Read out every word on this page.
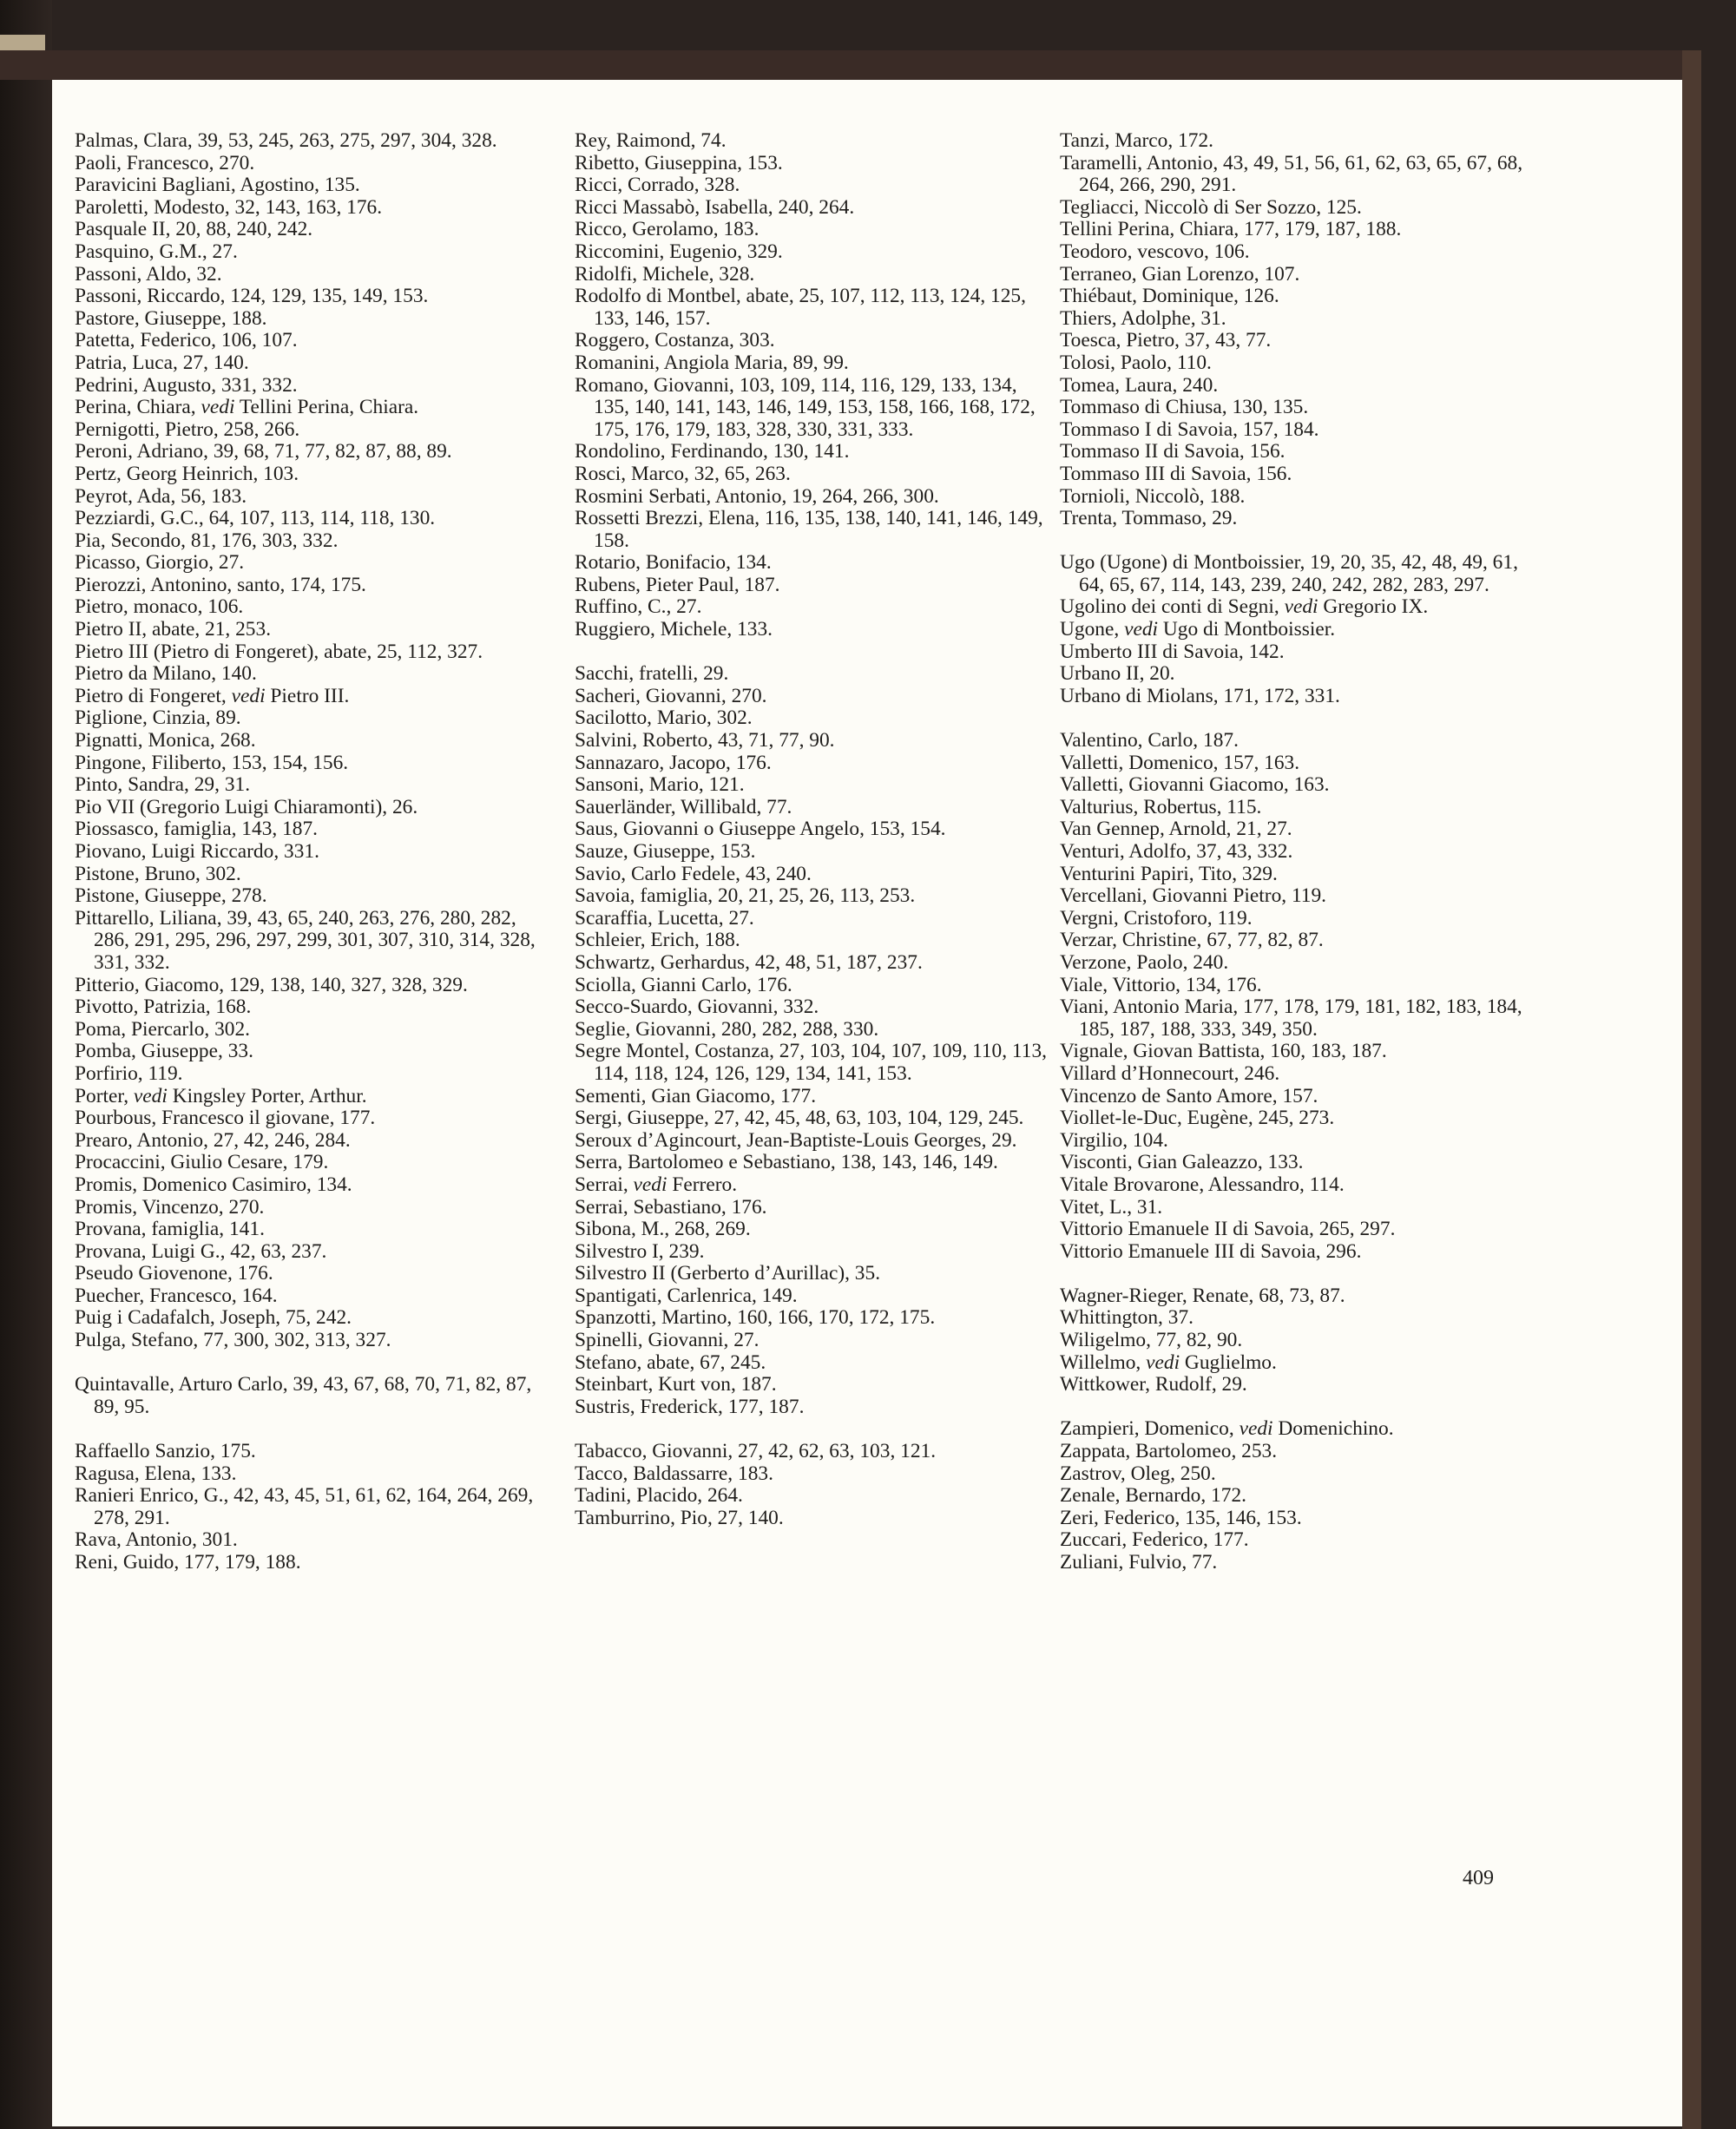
Palmas, Clara, 39, 53, 245, 263, 275, 297, 304, 328.
Paoli, Francesco, 270.
Paravicini Bagliani, Agostino, 135.
Paroletti, Modesto, 32, 143, 163, 176.
Pasquale II, 20, 88, 240, 242.
Pasquino, G.M., 27.
Passoni, Aldo, 32.
Passoni, Riccardo, 124, 129, 135, 149, 153.
Pastore, Giuseppe, 188.
Patetta, Federico, 106, 107.
Patria, Luca, 27, 140.
Pedrini, Augusto, 331, 332.
Perina, Chiara, vedi Tellini Perina, Chiara.
Pernigotti, Pietro, 258, 266.
Peroni, Adriano, 39, 68, 71, 77, 82, 87, 88, 89.
Pertz, Georg Heinrich, 103.
Peyrot, Ada, 56, 183.
Pezziardi, G.C., 64, 107, 113, 114, 118, 130.
Pia, Secondo, 81, 176, 303, 332.
Picasso, Giorgio, 27.
Pierozzi, Antonino, santo, 174, 175.
Pietro, monaco, 106.
Pietro II, abate, 21, 253.
Pietro III (Pietro di Fongeret), abate, 25, 112, 327.
Pietro da Milano, 140.
Pietro di Fongeret, vedi Pietro III.
Piglione, Cinzia, 89.
Pignatti, Monica, 268.
Pingone, Filiberto, 153, 154, 156.
Pinto, Sandra, 29, 31.
Pio VII (Gregorio Luigi Chiaramonti), 26.
Piossasco, famiglia, 143, 187.
Piovano, Luigi Riccardo, 331.
Pistone, Bruno, 302.
Pistone, Giuseppe, 278.
Pittarello, Liliana, 39, 43, 65, 240, 263, 276, 280, 282, 286, 291, 295, 296, 297, 299, 301, 307, 310, 314, 328, 331, 332.
Pitterio, Giacomo, 129, 138, 140, 327, 328, 329.
Pivotto, Patrizia, 168.
Poma, Piercarlo, 302.
Pomba, Giuseppe, 33.
Porfirio, 119.
Porter, vedi Kingsley Porter, Arthur.
Pourbous, Francesco il giovane, 177.
Prearo, Antonio, 27, 42, 246, 284.
Procaccini, Giulio Cesare, 179.
Promis, Domenico Casimiro, 134.
Promis, Vincenzo, 270.
Provana, famiglia, 141.
Provana, Luigi G., 42, 63, 237.
Pseudo Giovenone, 176.
Puecher, Francesco, 164.
Puig i Cadafalch, Joseph, 75, 242.
Pulga, Stefano, 77, 300, 302, 313, 327.
Quintavalle, Arturo Carlo, 39, 43, 67, 68, 70, 71, 82, 87, 89, 95.
Raffaello Sanzio, 175.
Ragusa, Elena, 133.
Ranieri Enrico, G., 42, 43, 45, 51, 61, 62, 164, 264, 269, 278, 291.
Rava, Antonio, 301.
Reni, Guido, 177, 179, 188.
Rey, Raimond, 74.
Ribetto, Giuseppina, 153.
Ricci, Corrado, 328.
Ricci Massabò, Isabella, 240, 264.
Ricco, Gerolamo, 183.
Riccomini, Eugenio, 329.
Ridolfi, Michele, 328.
Rodolfo di Montbel, abate, 25, 107, 112, 113, 124, 125, 133, 146, 157.
Roggero, Costanza, 303.
Romanini, Angiola Maria, 89, 99.
Romano, Giovanni, 103, 109, 114, 116, 129, 133, 134, 135, 140, 141, 143, 146, 149, 153, 158, 166, 168, 172, 175, 176, 179, 183, 328, 330, 331, 333.
Rondolino, Ferdinando, 130, 141.
Rosci, Marco, 32, 65, 263.
Rosmini Serbati, Antonio, 19, 264, 266, 300.
Rossetti Brezzi, Elena, 116, 135, 138, 140, 141, 146, 149, 158.
Rotario, Bonifacio, 134.
Rubens, Pieter Paul, 187.
Ruffino, C., 27.
Ruggiero, Michele, 133.
Sacchi, fratelli, 29.
Sacheri, Giovanni, 270.
Sacilotto, Mario, 302.
Salvini, Roberto, 43, 71, 77, 90.
Sannazaro, Jacopo, 176.
Sansoni, Mario, 121.
Sauerländer, Willibald, 77.
Saus, Giovanni o Giuseppe Angelo, 153, 154.
Sauze, Giuseppe, 153.
Savio, Carlo Fedele, 43, 240.
Savoia, famiglia, 20, 21, 25, 26, 113, 253.
Scaraffia, Lucetta, 27.
Schleier, Erich, 188.
Schwartz, Gerhardus, 42, 48, 51, 187, 237.
Sciolla, Gianni Carlo, 176.
Secco-Suardo, Giovanni, 332.
Seglie, Giovanni, 280, 282, 288, 330.
Segre Montel, Costanza, 27, 103, 104, 107, 109, 110, 113, 114, 118, 124, 126, 129, 134, 141, 153.
Sementi, Gian Giacomo, 177.
Sergi, Giuseppe, 27, 42, 45, 48, 63, 103, 104, 129, 245.
Seroux d’Agincourt, Jean-Baptiste-Louis Georges, 29.
Serra, Bartolomeo e Sebastiano, 138, 143, 146, 149.
Serrai, vedi Ferrero.
Serrai, Sebastiano, 176.
Sibona, M., 268, 269.
Silvestro I, 239.
Silvestro II (Gerberto d’Aurillac), 35.
Spantigati, Carlenrica, 149.
Spanzotti, Martino, 160, 166, 170, 172, 175.
Spinelli, Giovanni, 27.
Stefano, abate, 67, 245.
Steinbart, Kurt von, 187.
Sustris, Frederick, 177, 187.
Tabacco, Giovanni, 27, 42, 62, 63, 103, 121.
Tacco, Baldassarre, 183.
Tadini, Placido, 264.
Tamburrino, Pio, 27, 140.
Tanzi, Marco, 172.
Taramelli, Antonio, 43, 49, 51, 56, 61, 62, 63, 65, 67, 68, 264, 266, 290, 291.
Tegliacci, Niccolò di Ser Sozzo, 125.
Tellini Perina, Chiara, 177, 179, 187, 188.
Teodoro, vescovo, 106.
Terraneo, Gian Lorenzo, 107.
Thiébaut, Dominique, 126.
Thiers, Adolphe, 31.
Toesca, Pietro, 37, 43, 77.
Tolosi, Paolo, 110.
Tomea, Laura, 240.
Tommaso di Chiusa, 130, 135.
Tommaso I di Savoia, 157, 184.
Tommaso II di Savoia, 156.
Tommaso III di Savoia, 156.
Tornioli, Niccolò, 188.
Trenta, Tommaso, 29.
Ugo (Ugone) di Montboissier, 19, 20, 35, 42, 48, 49, 61, 64, 65, 67, 114, 143, 239, 240, 242, 282, 283, 297.
Ugolino dei conti di Segni, vedi Gregorio IX.
Ugone, vedi Ugo di Montboissier.
Umberto III di Savoia, 142.
Urbano II, 20.
Urbano di Miolans, 171, 172, 331.
Valentino, Carlo, 187.
Valletti, Domenico, 157, 163.
Valletti, Giovanni Giacomo, 163.
Valturius, Robertus, 115.
Van Gennep, Arnold, 21, 27.
Venturi, Adolfo, 37, 43, 332.
Venturini Papiri, Tito, 329.
Vercellani, Giovanni Pietro, 119.
Vergni, Cristoforo, 119.
Verzar, Christine, 67, 77, 82, 87.
Verzone, Paolo, 240.
Viale, Vittorio, 134, 176.
Viani, Antonio Maria, 177, 178, 179, 181, 182, 183, 184, 185, 187, 188, 333, 349, 350.
Vignale, Giovan Battista, 160, 183, 187.
Villard d’Honnecourt, 246.
Vincenzo de Santo Amore, 157.
Viollet-le-Duc, Eugène, 245, 273.
Virgilio, 104.
Visconti, Gian Galeazzo, 133.
Vitale Brovarone, Alessandro, 114.
Vitet, L., 31.
Vittorio Emanuele II di Savoia, 265, 297.
Vittorio Emanuele III di Savoia, 296.
Wagner-Rieger, Renate, 68, 73, 87.
Whittington, 37.
Wiligelmo, 77, 82, 90.
Willelmo, vedi Guglielmo.
Wittkower, Rudolf, 29.
Zampieri, Domenico, vedi Domenichino.
Zappata, Bartolomeo, 253.
Zastrov, Oleg, 250.
Zenale, Bernardo, 172.
Zeri, Federico, 135, 146, 153.
Zuccari, Federico, 177.
Zuliani, Fulvio, 77.
409
